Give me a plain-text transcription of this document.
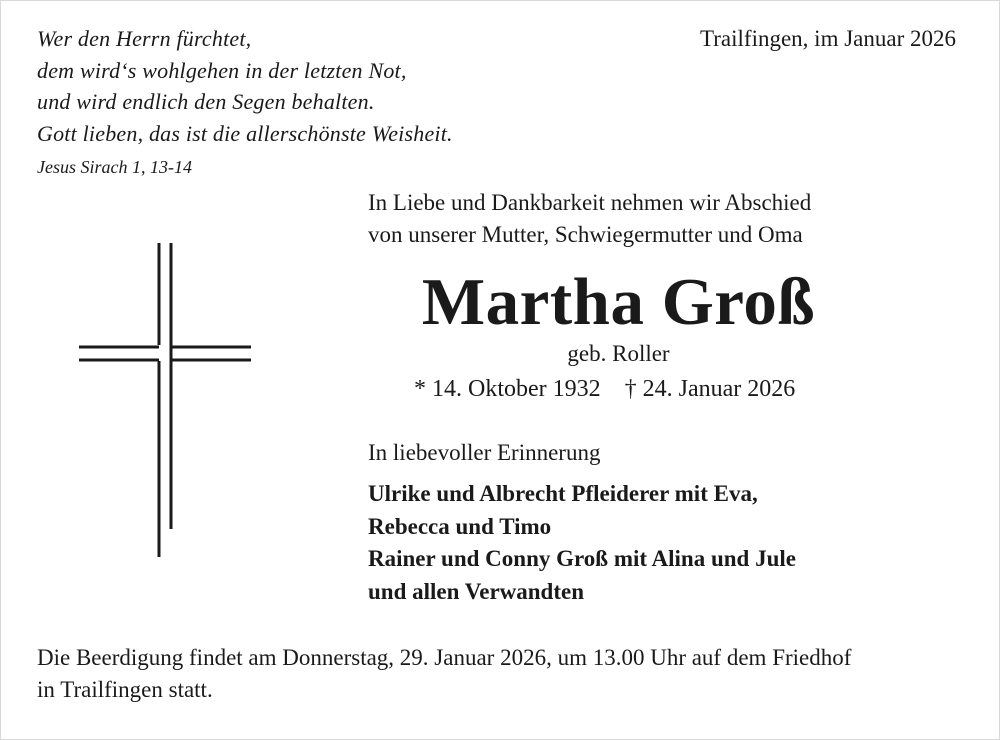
Wer den Herrn fürchtet,
dem wird‘s wohlgehen in der letzten Not,
und wird endlich den Segen behalten.
Gott lieben, das ist die allerschönste Weisheit.
Jesus Sirach 1, 13-14
Trailfingen, im Januar 2026
In Liebe und Dankbarkeit nehmen wir Abschied
von unserer Mutter, Schwiegermutter und Oma
Martha Groß
geb. Roller
* 14. Oktober 1932 † 24. Januar 2026
In liebevoller Erinnerung
Ulrike und Albrecht Pfleiderer mit Eva,
Rebecca und Timo
Rainer und Conny Groß mit Alina und Jule
und allen Verwandten
Die Beerdigung findet am Donnerstag, 29. Januar 2026, um 13.00 Uhr auf dem Friedhof
in Trailfingen statt.
